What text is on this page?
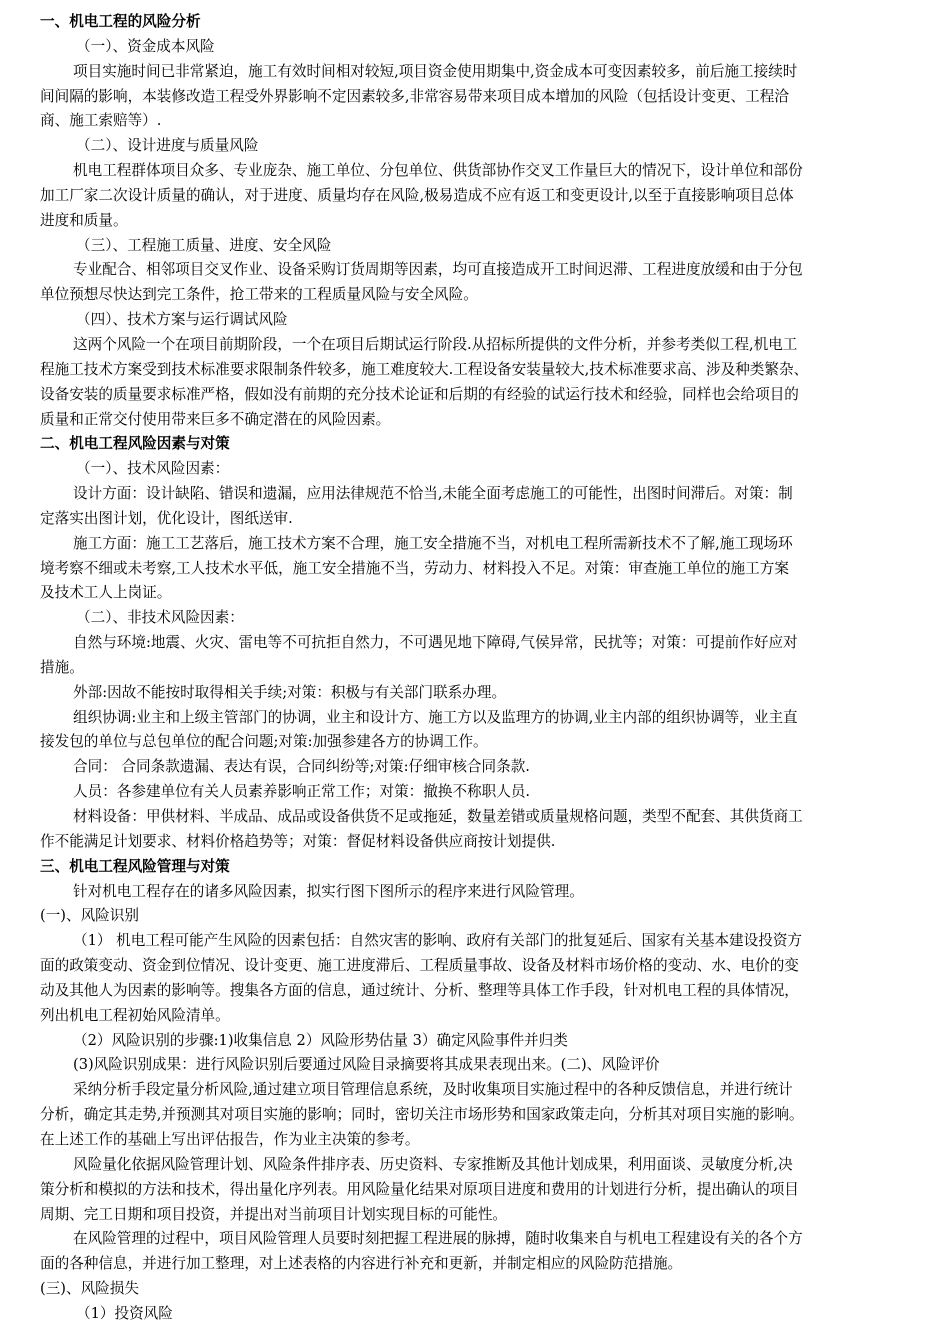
一、机电工程的风险分析
（一）、资金成本风险
项目实施时间已非常紧迫，施工有效时间相对较短,项目资金使用期集中,资金成本可变因素较多，前后施工接续时
间间隔的影响，本装修改造工程受外界影响不定因素较多,非常容易带来项目成本增加的风险（包括设计变更、工程洽
商、施工索赔等）.
（二）、设计进度与质量风险
机电工程群体项目众多、专业庞杂、施工单位、分包单位、供货部协作交叉工作量巨大的情况下，设计单位和部份
加工厂家二次设计质量的确认，对于进度、质量均存在风险,极易造成不应有返工和变更设计,以至于直接影响项目总体
进度和质量。
（三）、工程施工质量、进度、安全风险
专业配合、相邻项目交叉作业、设备采购订货周期等因素，均可直接造成开工时间迟滞、工程进度放缓和由于分包
单位预想尽快达到完工条件，抢工带来的工程质量风险与安全风险。
（四）、技术方案与运行调试风险
这两个风险一个在项目前期阶段，一个在项目后期试运行阶段.从招标所提供的文件分析，并参考类似工程,机电工
程施工技术方案受到技术标准要求限制条件较多，施工难度较大.工程设备安装量较大,技术标准要求高、涉及种类繁杂、
设备安装的质量要求标准严格，假如没有前期的充分技术论证和后期的有经验的试运行技术和经验，同样也会给项目的
质量和正常交付使用带来巨多不确定潜在的风险因素。
二、机电工程风险因素与对策
（一）、技术风险因素：
设计方面：设计缺陷、错误和遗漏，应用法律规范不恰当,未能全面考虑施工的可能性，出图时间滞后。对策：制
定落实出图计划，优化设计，图纸送审.
施工方面：施工工艺落后，施工技术方案不合理，施工安全措施不当，对机电工程所需新技术不了解,施工现场环
境考察不细或未考察,工人技术水平低，施工安全措施不当，劳动力、材料投入不足。对策：审查施工单位的施工方案
及技术工人上岗证。
（二）、非技术风险因素：
自然与环境:地震、火灾、雷电等不可抗拒自然力，不可遇见地下障碍,气侯异常，民扰等；对策：可提前作好应对
措施。
外部:因故不能按时取得相关手续;对策：积极与有关部门联系办理。
组织协调:业主和上级主管部门的协调，业主和设计方、施工方以及监理方的协调,业主内部的组织协调等，业主直
接发包的单位与总包单位的配合问题;对策:加强参建各方的协调工作。
合同： 合同条款遗漏、表达有误，合同纠纷等;对策:仔细审核合同条款.
人员：各参建单位有关人员素养影响正常工作；对策：撤换不称职人员.
材料设备：甲供材料、半成品、成品或设备供货不足或拖延，数量差错或质量规格问题，类型不配套、其供货商工
作不能满足计划要求、材料价格趋势等；对策：督促材料设备供应商按计划提供.
三、机电工程风险管理与对策
针对机电工程存在的诸多风险因素，拟实行图下图所示的程序来进行风险管理。
(一)、风险识别
（1） 机电工程可能产生风险的因素包括：自然灾害的影响、政府有关部门的批复延后、国家有关基本建设投资方
面的政策变动、资金到位情况、设计变更、施工进度滞后、工程质量事故、设备及材料市场价格的变动、水、电价的变
动及其他人为因素的影响等。搜集各方面的信息，通过统计、分析、整理等具体工作手段，针对机电工程的具体情况，
列出机电工程初始风险清单。
（2）风险识别的步骤:1)收集信息 2）风险形势估量 3）确定风险事件并归类
(3)风险识别成果：进行风险识别后要通过风险目录摘要将其成果表现出来。(二)、风险评价
采纳分析手段定量分析风险,通过建立项目管理信息系统，及时收集项目实施过程中的各种反馈信息，并进行统计
分析，确定其走势,并预测其对项目实施的影响；同时，密切关注市场形势和国家政策走向，分析其对项目实施的影响。
在上述工作的基础上写出评估报告，作为业主决策的参考。
风险量化依据风险管理计划、风险条件排序表、历史资料、专家推断及其他计划成果，利用面谈、灵敏度分析,决
策分析和模拟的方法和技术，得出量化序列表。用风险量化结果对原项目进度和费用的计划进行分析，提出确认的项目
周期、完工日期和项目投资，并提出对当前项目计划实现目标的可能性。
在风险管理的过程中，项目风险管理人员要时刻把握工程进展的脉搏，随时收集来自与机电工程建设有关的各个方
面的各种信息，并进行加工整理，对上述表格的内容进行补充和更新，并制定相应的风险防范措施。
(三)、风险损失
（1）投资风险
